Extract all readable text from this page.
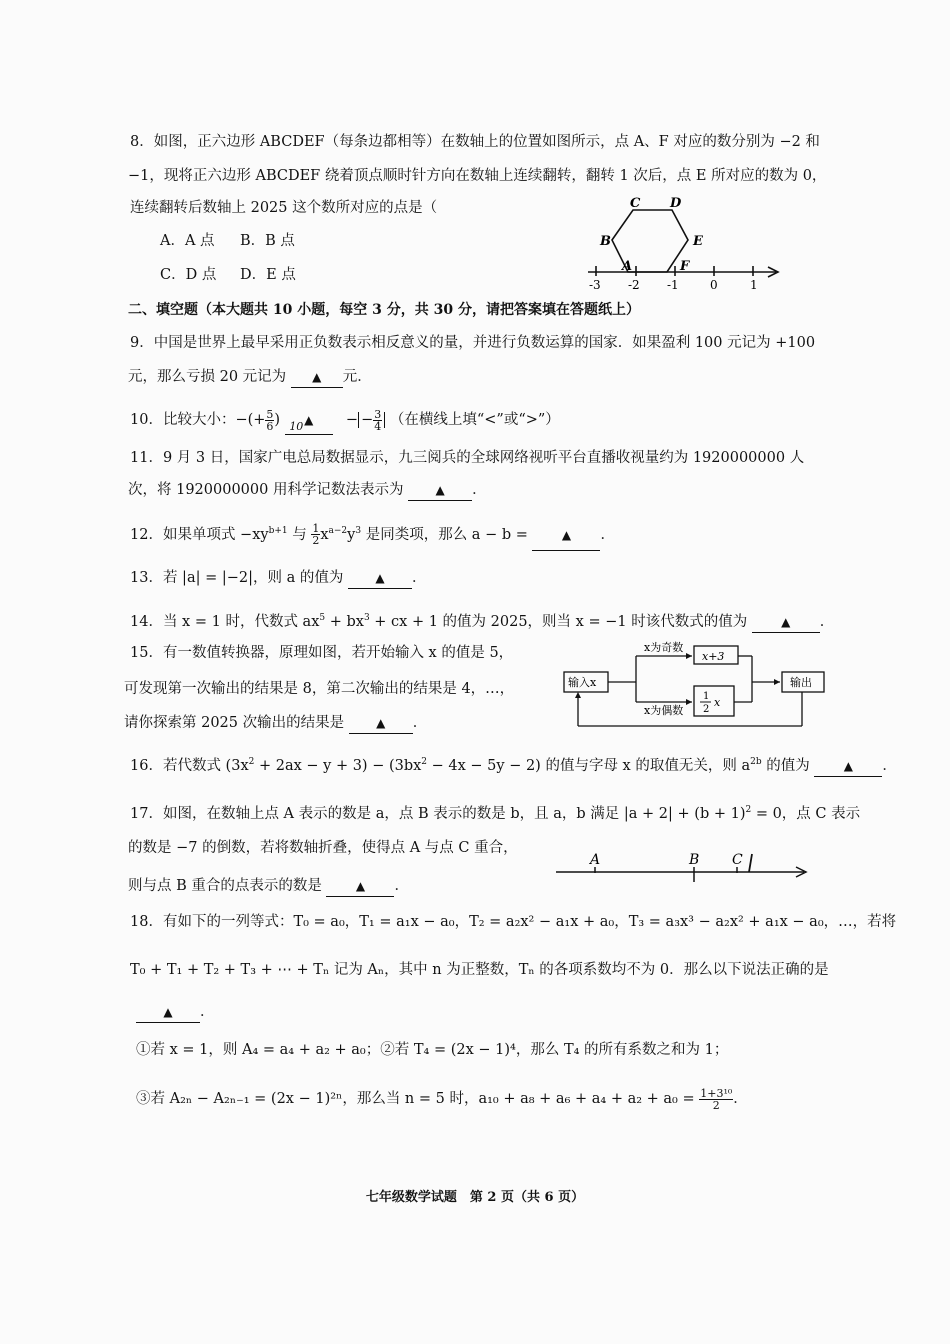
8．如图，正六边形 ABCDEF（每条边都相等）在数轴上的位置如图所示，点 A、F 对应的数分别为 −2 和
−1，现将正六边形 ABCDEF 绕着顶点顺时针方向在数轴上连续翻转，翻转 1 次后，点 E 所对应的数为 0，
连续翻转后数轴上 2025 这个数所对应的点是（
A．A 点 B．B 点
C．D 点 D．E 点
A
B
C D
E
F
-3 -2 -1	0	1
二、填空题（本大题共 10 小题，每空 3 分，共 30 分，请把答案填在答题纸上）
9．中国是世界上最早采用正负数表示相反意义的量，并进行负数运算的国家．如果盈利 100 元记为 +100
元，那么亏损 20 元记为 ▲ 元．
10．比较大小：−(+ $\frac{5}{6}$ ) ▲ $_{10}$	− − $\frac{3}{4}$ （在横线上填“<”或“>”）
11．9 月 3 日，国家广电总局数据显示，九三阅兵的全球网络视听平台直播收视量约为 1920000000 人
次，将 1920000000 用科学记数法表示为	▲ ．
12．如果单项式 $-xy^{b+1}$ 与 $\frac{1}{2} x^{a-2}y^3$ 是同类项，那么 a − b =	▲ ．
13．若 |a| = |−2|，则 a 的值为	▲ ．
14．当 x = 1 时，代数式 $ax^5 + bx^3$ + cx + 1 的值为 2025，则当 x = −1 时该代数式的值为	▲ ．
15．有一数值转换器，原理如图，若开始输入 x 的值是 5，
可发现第一次输出的结果是 8，第二次输出的结果是 4，…，
请你探索第 2025 次输出的结果是	▲ ．
输入x
x为奇数
x+3
x为偶数
1
2
x
输出
16．若代数式 $(3x^2 + 2ax - y + 3) - (3bx^2 - 4x - 5y - 2)$ 的值与字母 x 的取值无关，则 $a^{2b}$ 的值为	▲ ．
17．如图，在数轴上点 A 表示的数是 a，点 B 表示的数是 b，且 a，b 满足 $|a + 2| + (b + 1)^2 = 0$，点 C 表示
的数是 −7 的倒数，若将数轴折叠，使得点 A 与点 C 重合，
则与点 B 重合的点表示的数是	▲ ．
A	B C
18．有如下的一列等式：T₀ = a₀，T₁ = a₁x − a₀，T₂ = a₂x² − a₁x + a₀，T₃ = a₃x³ − a₂x² + a₁x − a₀，…，若将
T₀ + T₁ + T₂ + T₃ + ⋯ + Tₙ 记为 Aₙ，其中 n 为正整数，Tₙ 的各项系数均不为 0．那么以下说法正确的是
▲ ．
①若 x = 1，则 A₄ = a₄ + a₂ + a₀；②若 T₄ = (2x − 1)⁴，那么 T₄ 的所有系数之和为 1；
③若 A₂ₙ − A₂ₙ₋₁ = (2x − 1)²ⁿ，那么当 n = 5 时，$a_{10} + a_8 + a_6 + a_4 + a_2 + a_0 = \frac{\text{1+3¹⁰}}{2}$ ．
七年级数学试题　第 2 页（共 6 页）
